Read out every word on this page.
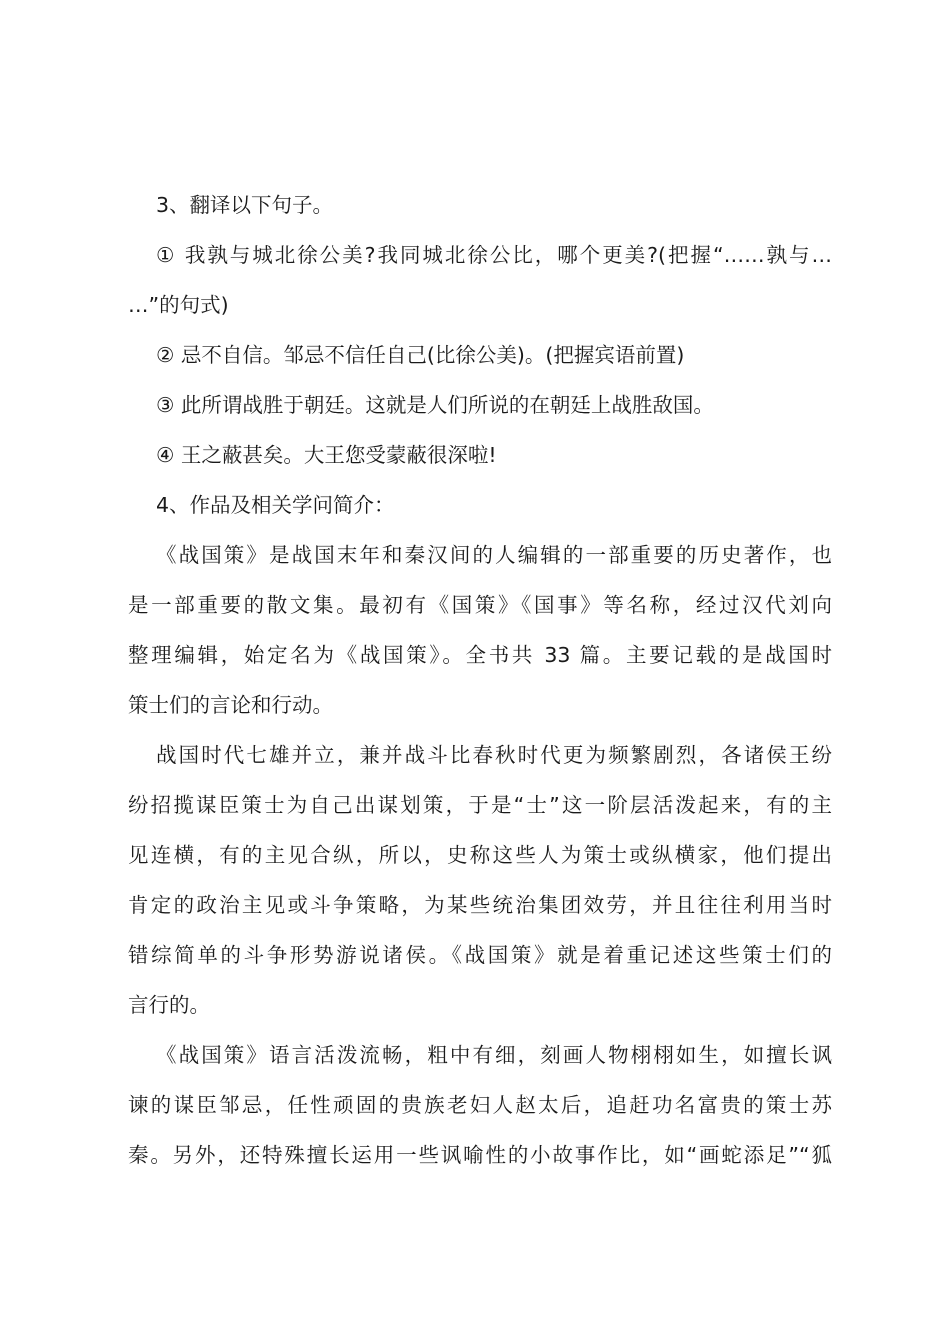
3、翻译以下句子。
① 我孰与城北徐公美?我同城北徐公比，哪个更美?(把握“……孰与…
…”的句式)
② 忌不自信。邹忌不信任自己(比徐公美)。(把握宾语前置)
③ 此所谓战胜于朝廷。这就是人们所说的在朝廷上战胜敌国。
④ 王之蔽甚矣。大王您受蒙蔽很深啦!
4、作品及相关学问简介：
《战国策》是战国末年和秦汉间的人编辑的一部重要的历史著作，也
是一部重要的散文集。最初有《国策》《国事》等名称，经过汉代刘向
整理编辑，始定名为《战国策》。全书共 33 篇。主要记载的是战国时
策士们的言论和行动。
战国时代七雄并立，兼并战斗比春秋时代更为频繁剧烈，各诸侯王纷
纷招揽谋臣策士为自己出谋划策，于是“士”这一阶层活泼起来，有的主
见连横，有的主见合纵，所以，史称这些人为策士或纵横家，他们提出
肯定的政治主见或斗争策略，为某些统治集团效劳，并且往往利用当时
错综简单的斗争形势游说诸侯。《战国策》就是着重记述这些策士们的
言行的。
《战国策》语言活泼流畅，粗中有细，刻画人物栩栩如生，如擅长讽
谏的谋臣邹忌，任性顽固的贵族老妇人赵太后，追赶功名富贵的策士苏
秦。另外，还特殊擅长运用一些讽喻性的小故事作比，如“画蛇添足”“狐
